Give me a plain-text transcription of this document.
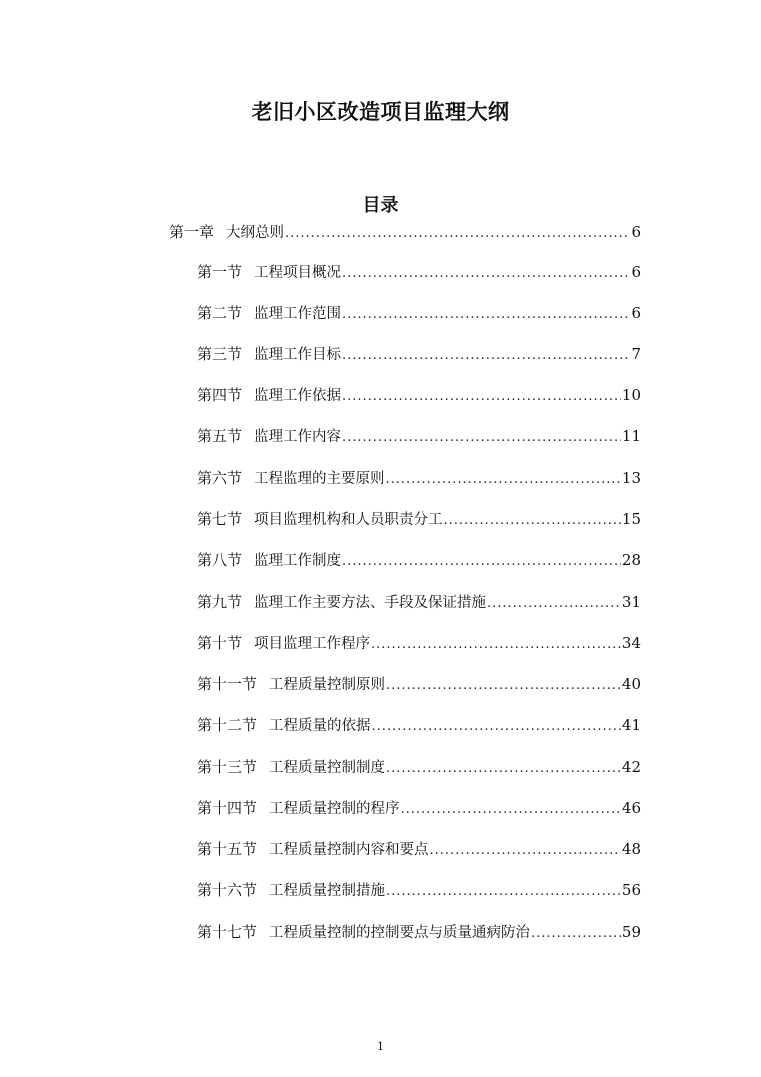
老旧小区改造项目监理大纲
目录
第一章 大纲总则 .....	6
第一节 工程项目概况 .....	6
第二节 监理工作范围 .....	6
第三节 监理工作目标 .....	7
第四节 监理工作依据 .....	10
第五节 监理工作内容 .....	11
第六节 工程监理的主要原则 .....	13
第七节 项目监理机构和人员职责分工 .....	15
第八节 监理工作制度 .....	28
第九节 监理工作主要方法、手段及保证措施 .....	31
第十节 项目监理工作程序 .....	34
第十一节 工程质量控制原则 .....	40
第十二节 工程质量的依据 .....	41
第十三节 工程质量控制制度 .....	42
第十四节 工程质量控制的程序 .....	46
第十五节 工程质量控制内容和要点 .....	48
第十六节 工程质量控制措施 .....	56
第十七节 工程质量控制的控制要点与质量通病防治 .....	59
1
